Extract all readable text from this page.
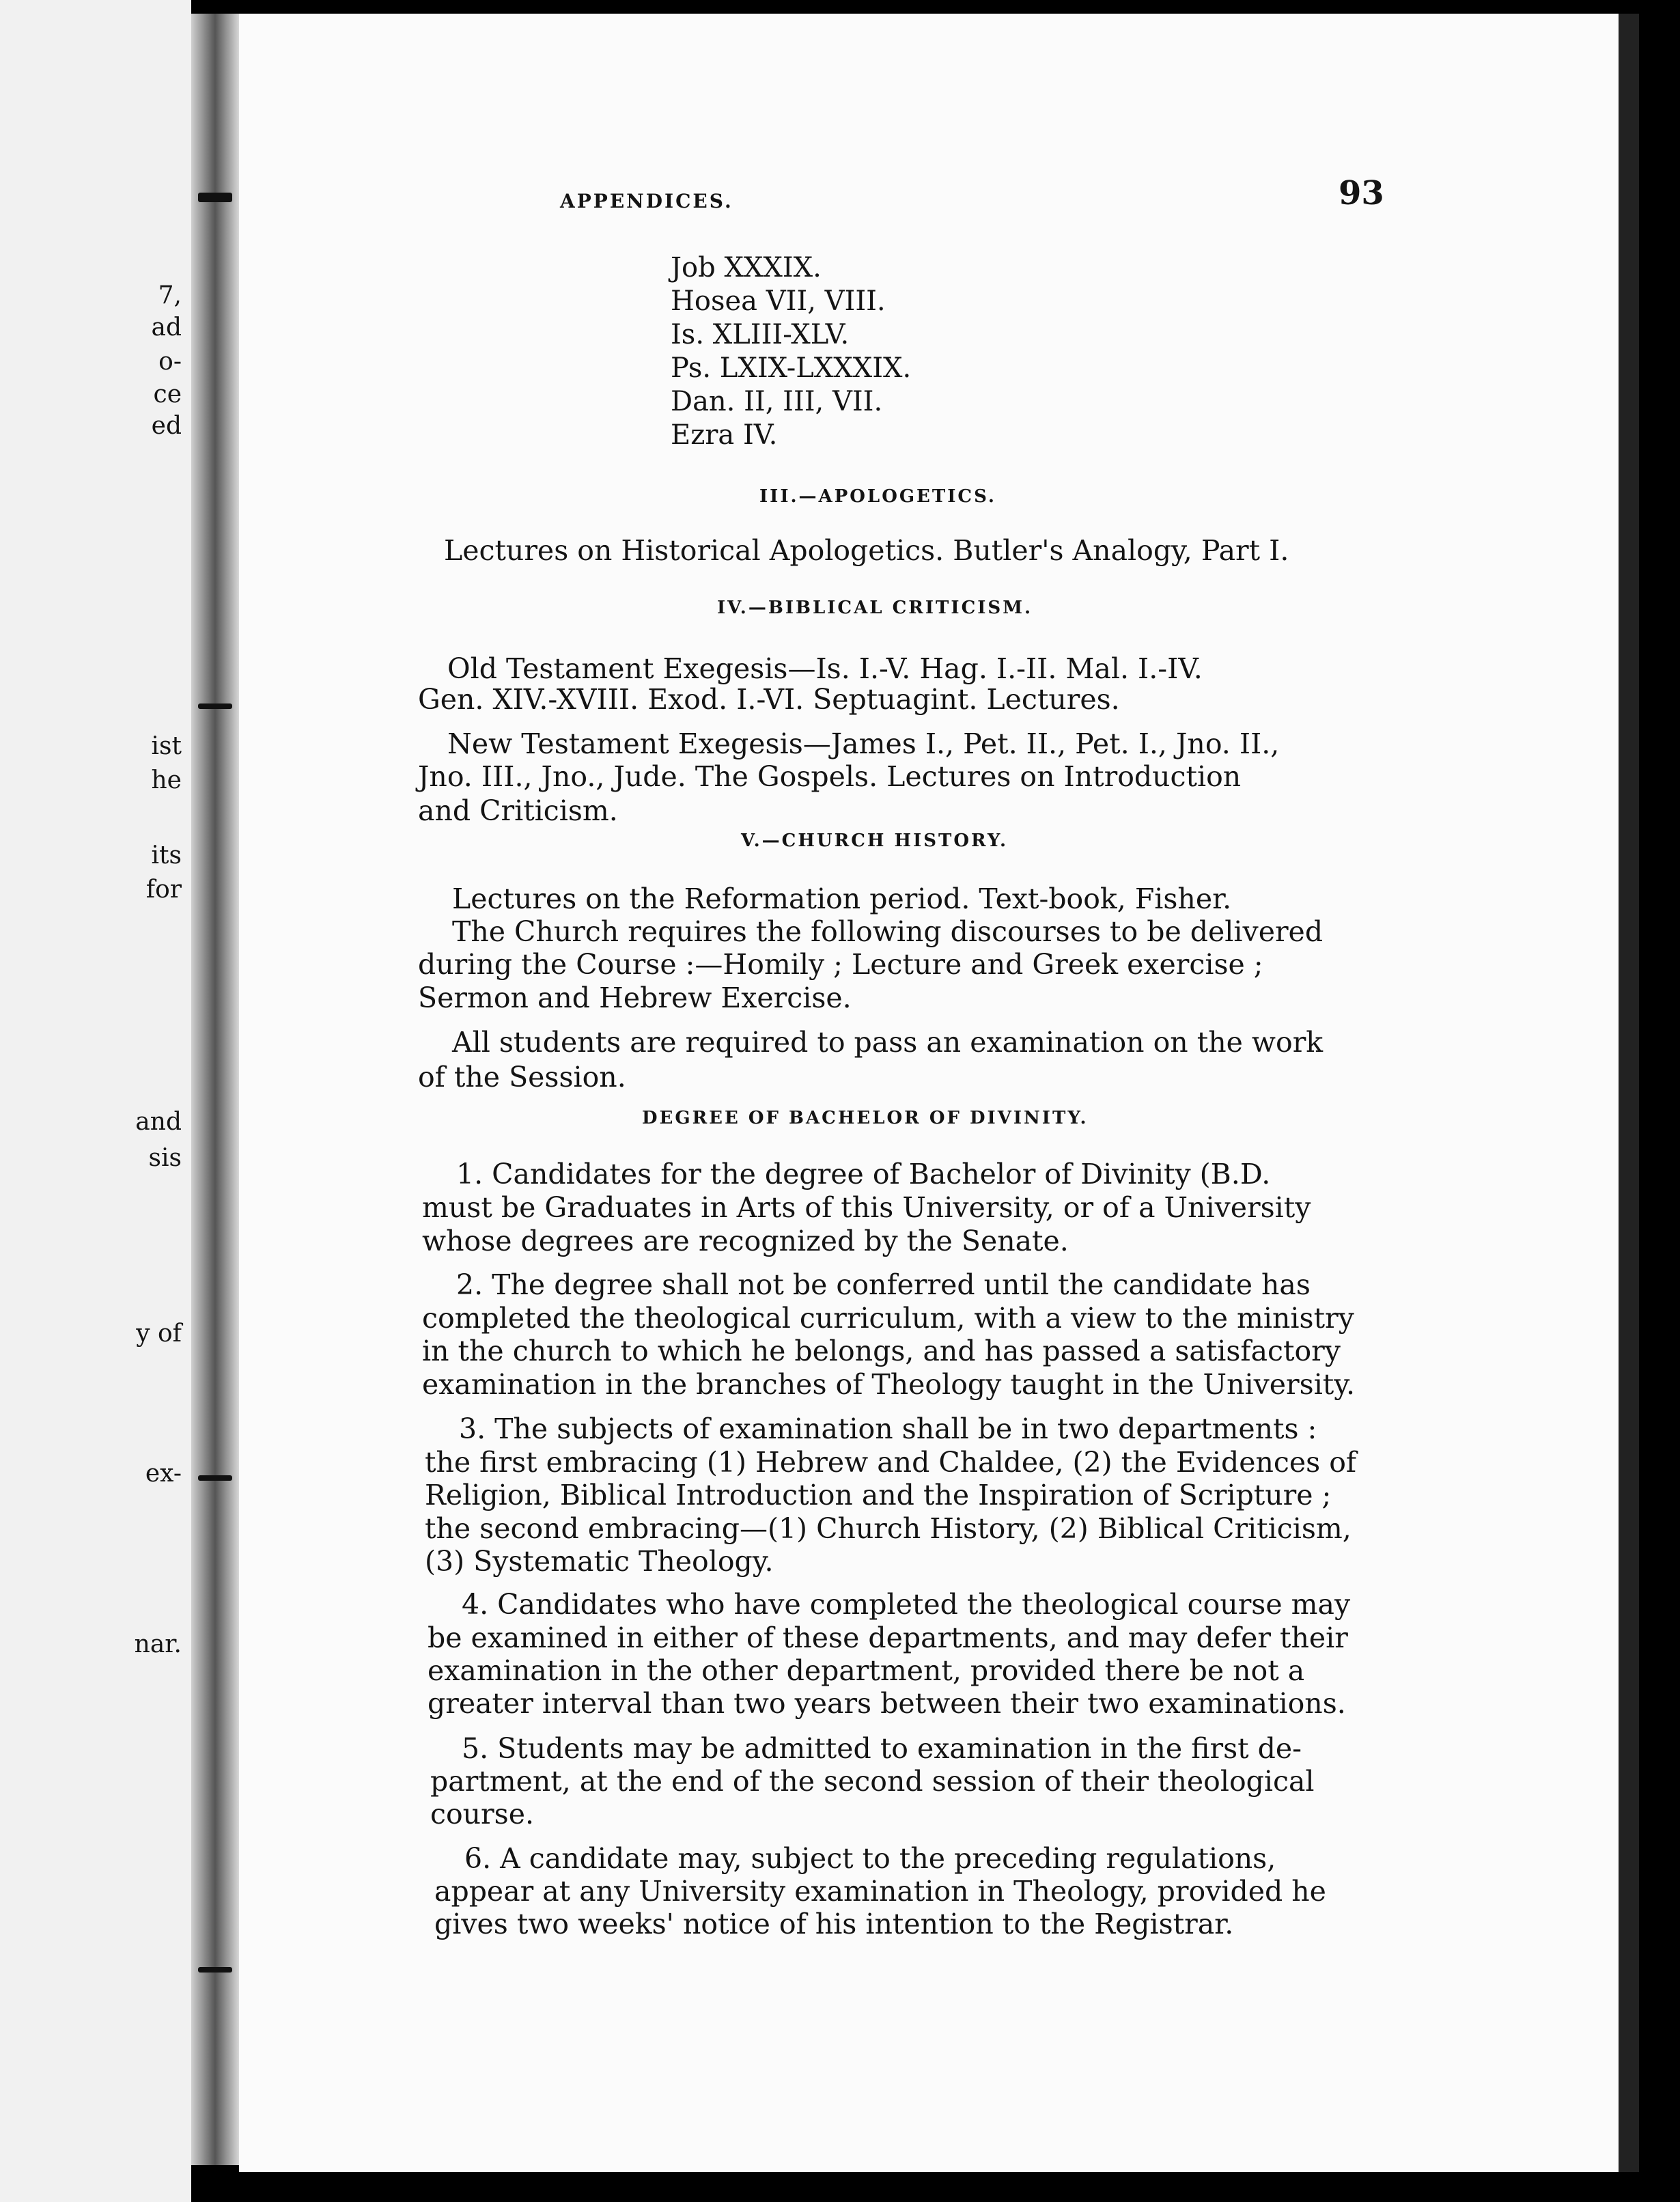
7,
ad
o-
ce
ed
ist
he
its
for
and
sis
y of
ex-
nar.
APPENDICES.	93
Job XXXIX.
Hosea VII, VIII.
Is. XLIII-XLV.
Ps. LXIX-LXXXIX.
Dan. II, III, VII.
Ezra IV.
III.—APOLOGETICS.
Lectures on Historical Apologetics. Butler's Analogy, Part I.
IV.—BIBLICAL CRITICISM.
Old Testament Exegesis—Is. I.-V. Hag. I.-II. Mal. I.-IV.
Gen. XIV.-XVIII. Exod. I.-VI. Septuagint. Lectures.
New Testament Exegesis—James I., Pet. II., Pet. I., Jno. II.,
Jno. III., Jno., Jude. The Gospels. Lectures on Introduction
and Criticism.
V.—CHURCH HISTORY.
Lectures on the Reformation period. Text-book, Fisher.
The Church requires the following discourses to be delivered
during the Course :—Homily ; Lecture and Greek exercise ;
Sermon and Hebrew Exercise.
All students are required to pass an examination on the work
of the Session.
DEGREE OF BACHELOR OF DIVINITY.
1. Candidates for the degree of Bachelor of Divinity (B.D.
must be Graduates in Arts of this University, or of a University
whose degrees are recognized by the Senate.
2. The degree shall not be conferred until the candidate has
completed the theological curriculum, with a view to the ministry
in the church to which he belongs, and has passed a satisfactory
examination in the branches of Theology taught in the University.
3. The subjects of examination shall be in two departments :
the first embracing (1) Hebrew and Chaldee, (2) the Evidences of
Religion, Biblical Introduction and the Inspiration of Scripture ;
the second embracing—(1) Church History, (2) Biblical Criticism,
(3) Systematic Theology.
4. Candidates who have completed the theological course may
be examined in either of these departments, and may defer their
examination in the other department, provided there be not a
greater interval than two years between their two examinations.
5. Students may be admitted to examination in the first de-
partment, at the end of the second session of their theological
course.
6. A candidate may, subject to the preceding regulations,
appear at any University examination in Theology, provided he
gives two weeks' notice of his intention to the Registrar.
